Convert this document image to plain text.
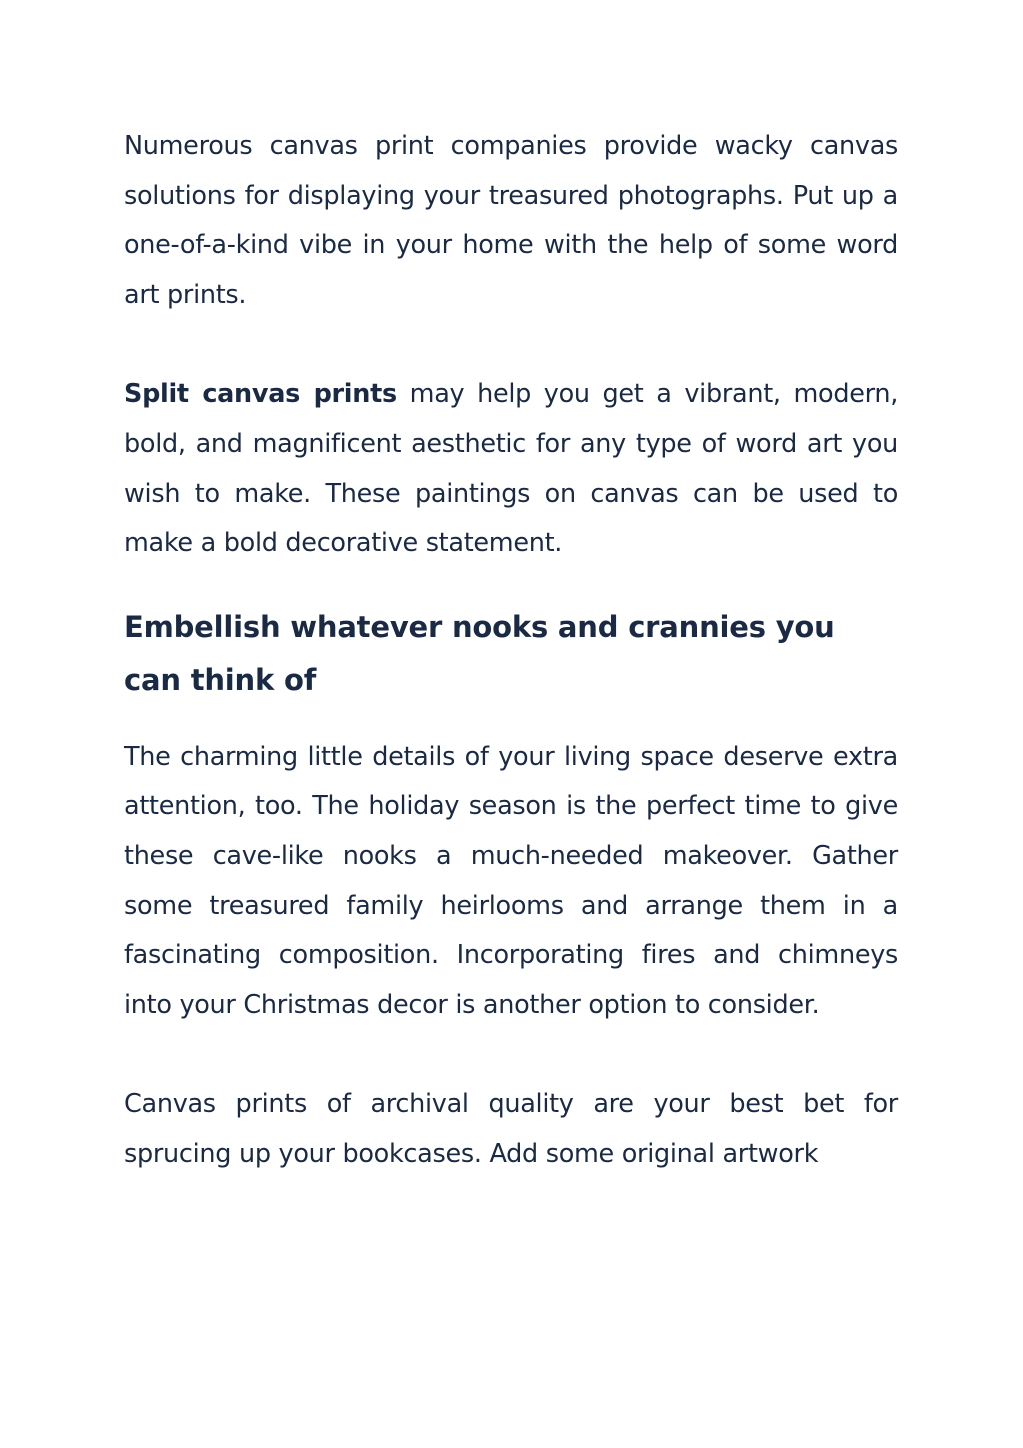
Numerous canvas print companies provide wacky canvas solutions for displaying your treasured photographs. Put up a one-of-a-kind vibe in your home with the help of some word art prints.

Split canvas prints may help you get a vibrant, modern, bold, and magnificent aesthetic for any type of word art you wish to make. These paintings on canvas can be used to make a bold decorative statement.

Embellish whatever nooks and crannies you can think of

The charming little details of your living space deserve extra attention, too. The holiday season is the perfect time to give these cave-like nooks a much-needed makeover. Gather some treasured family heirlooms and arrange them in a fascinating composition. Incorporating fires and chimneys into your Christmas decor is another option to consider.

Canvas prints of archival quality are your best bet for sprucing up your bookcases. Add some original artwork
